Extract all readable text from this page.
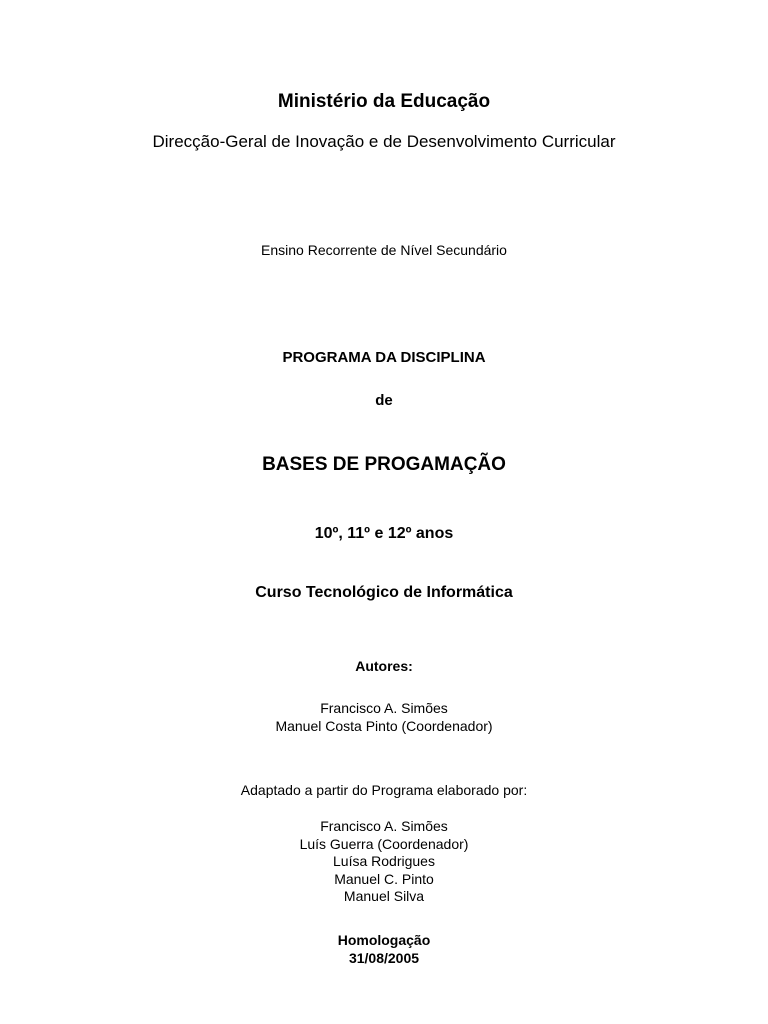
Ministério da Educação
Direcção-Geral de Inovação e de Desenvolvimento Curricular
Ensino Recorrente de Nível Secundário
PROGRAMA DA DISCIPLINA
de
BASES DE PROGAMAÇÃO
10º, 11º e 12º anos
Curso Tecnológico de Informática
Autores:
Francisco A. Simões
Manuel Costa Pinto (Coordenador)
Adaptado a partir do Programa elaborado por:
Francisco A. Simões
Luís Guerra (Coordenador)
Luísa Rodrigues
Manuel C. Pinto
Manuel Silva
Homologação
31/08/2005
